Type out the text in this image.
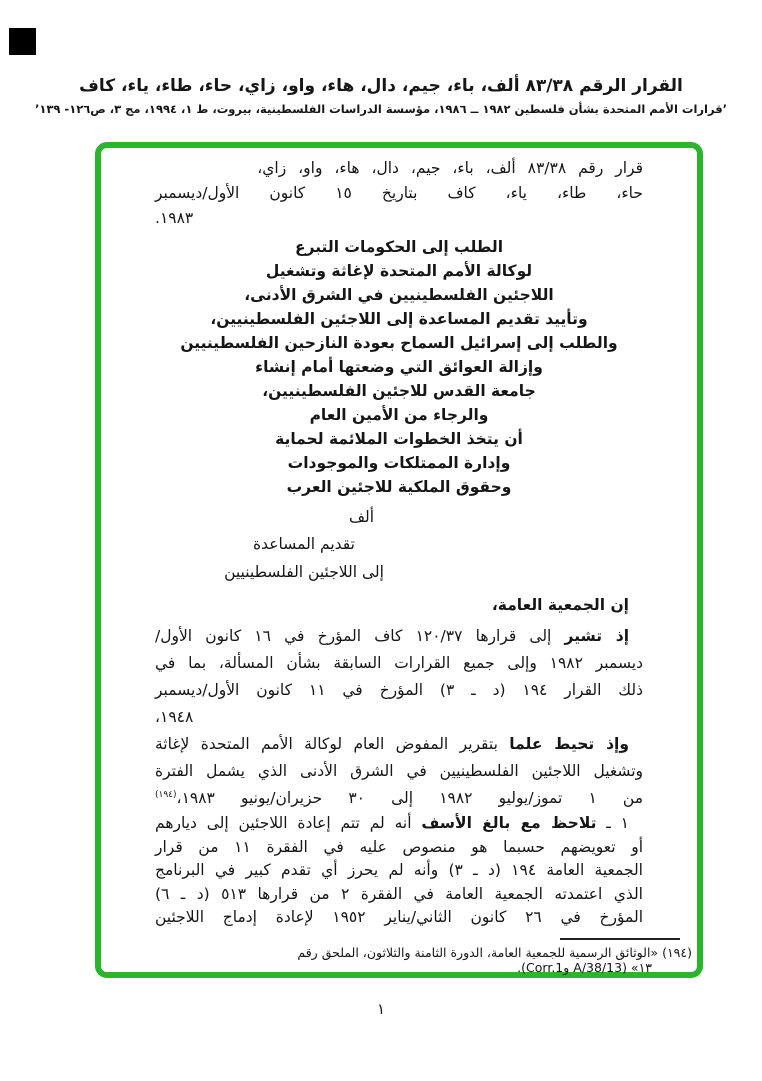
القرار الرقم ٨٣/٣٨ ألف، باء، جيم، دال، هاء، واو، زاي، حاء، طاء، ياء، كاف
’قرارات الأمم المتحدة بشأن فلسطين ١٩٨٢ ــ ١٩٨٦، مؤسسة الدراسات الفلسطينية، بيروت، ط ١، ١٩٩٤، مج ٣، ص١٢٦- ١٣٩’

قرار رقم ٨٣/٣٨ ألف، باء، جيم، دال، هاء، واو، زاي،
حاء، طاء، ياء، كاف بتاريخ ١٥ كانون الأول/ديسمبر
١٩٨٣.

الطلب إلى الحكومات التبرع
لوكالة الأمم المتحدة لإغاثة وتشغيل
اللاجئين الفلسطينيين في الشرق الأدنى،
وتأييد تقديم المساعدة إلى اللاجئين الفلسطينيين،
والطلب إلى إسرائيل السماح بعودة النازحين الفلسطينيين
وإزالة العوائق التي وضعتها أمام إنشاء
جامعة القدس للاجئين الفلسطينيين،
والرجاء من الأمين العام
أن يتخذ الخطوات الملائمة لحماية
وإدارة الممتلكات والموجودات
وحقوق الملكية للاجئين العرب
ألف
تقديم المساعدة
إلى اللاجئين الفلسطينيين

إن الجمعية العامة،

إذ تشير إلى قرارها ١٢٠/٣٧ كاف المؤرخ في ١٦ كانون الأول/
ديسمبر ١٩٨٢ وإلى جميع القرارات السابقة بشأن المسألة، بما في
ذلك القرار ١٩٤ (د ـ ٣) المؤرخ في ١١ كانون الأول/ديسمبر
١٩٤٨،

وإذ تحيط علما بتقرير المفوض العام لوكالة الأمم المتحدة لإغاثة
وتشغيل اللاجئين الفلسطينيين في الشرق الأدنى الذي يشمل الفترة
من ١ تموز/يوليو ١٩٨٢ إلى ٣٠ حزيران/يونيو ١٩٨٣،$^{(١٩٤)}$

١ ـ تلاحظ مع بالغ الأسف أنه لم تتم إعادة اللاجئين إلى ديارهم
أو تعويضهم حسبما هو منصوص عليه في الفقرة ١١ من قرار
الجمعية العامة ١٩٤ (د ـ ٣) وأنه لم يحرز أي تقدم كبير في البرنامج
الذي اعتمدته الجمعية العامة في الفقرة ٢ من قرارها ٥١٣ (د ـ ٦)
المؤرخ في ٢٦ كانون الثاني/يناير ١٩٥٢ لإعادة إدماج اللاجئين

(١٩٤) «الوثائق الرسمية للجمعية العامة، الدورة الثامنة والثلاثون، الملحق رقم
١٣» (A/38/13 وCorr.1).
١
